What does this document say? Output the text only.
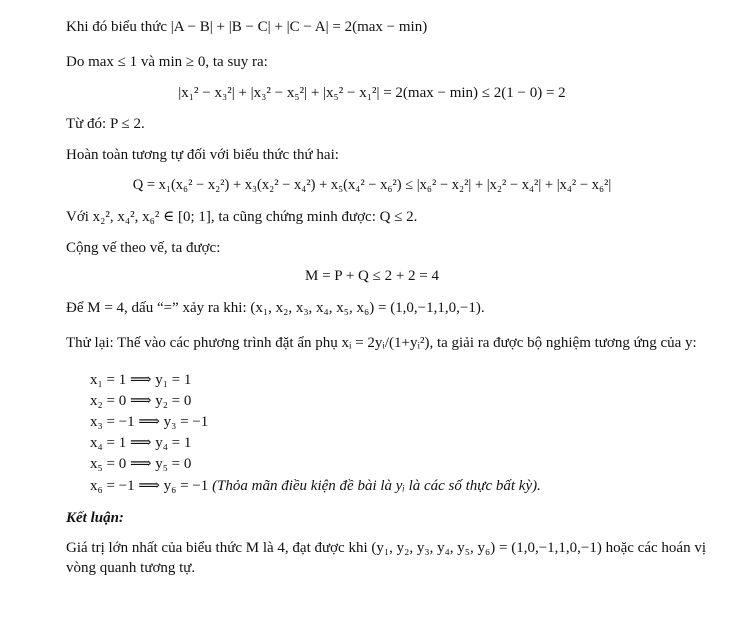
Khi đó biểu thức |A − B| + |B − C| + |C − A| = 2(max − min)
Do max ≤ 1 và min ≥ 0, ta suy ra:
|x₁² − x₃²| + |x₃² − x₅²| + |x₅² − x₁²| = 2(max − min) ≤ 2(1 − 0) = 2
Từ đó: P ≤ 2.
Hoàn toàn tương tự đối với biểu thức thứ hai:
Q = x₁(x₆² − x₂²) + x₃(x₂² − x₄²) + x₅(x₄² − x₆²) ≤ |x₆² − x₂²| + |x₂² − x₄²| + |x₄² − x₆²|
Với x₂², x₄², x₆² ∈ [0; 1], ta cũng chứng minh được: Q ≤ 2.
Cộng vế theo vế, ta được:
M = P + Q ≤ 2 + 2 = 4
Để M = 4, dấu “=” xảy ra khi: (x₁, x₂, x₃, x₄, x₅, x₆) = (1,0,−1,1,0,−1).
Thử lại: Thế vào các phương trình đặt ẩn phụ xᵢ = 2yᵢ/(1+yᵢ²), ta giải ra được bộ nghiệm tương ứng của y:
x₁ = 1 ⟹ y₁ = 1
x₂ = 0 ⟹ y₂ = 0
x₃ = −1 ⟹ y₃ = −1
x₄ = 1 ⟹ y₄ = 1
x₅ = 0 ⟹ y₅ = 0
x₆ = −1 ⟹ y₆ = −1 (Thỏa mãn điều kiện đề bài là yᵢ là các số thực bất kỳ).
Kết luận:
Giá trị lớn nhất của biểu thức M là 4, đạt được khi (y₁, y₂, y₃, y₄, y₅, y₆) = (1,0,−1,1,0,−1) hoặc các hoán vị vòng quanh tương tự.
